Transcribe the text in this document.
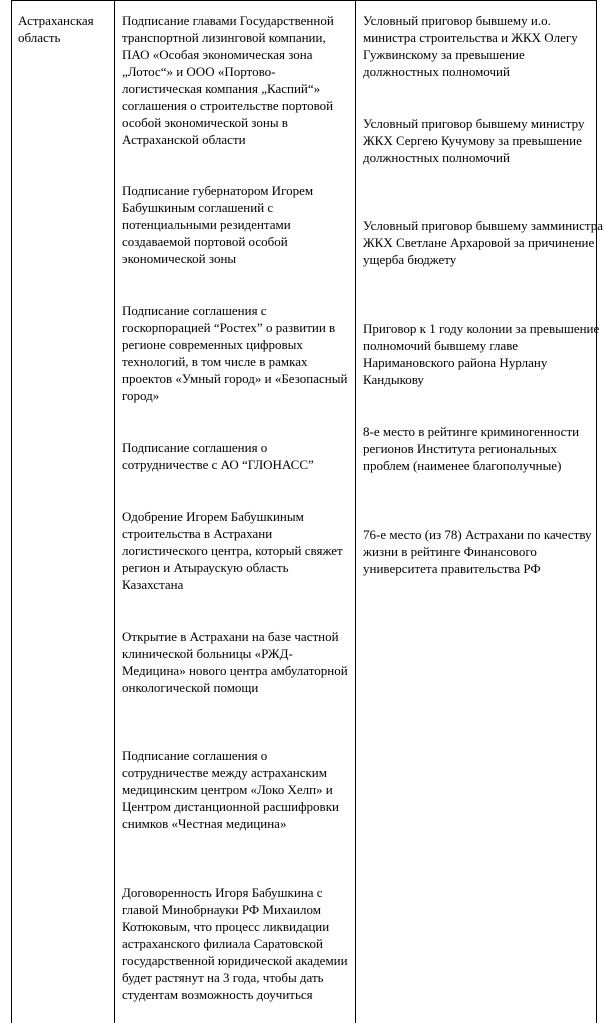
Астраханская область

Подписание главами Государственной транспортной лизинговой компании, ПАО «Особая экономическая зона „Лотос“» и ООО «Портово-логистическая компания „Каспий“» соглашения о строительстве портовой особой экономической зоны в Астраханской области

Подписание губернатором Игорем Бабушкиным соглашений с потенциальными резидентами создаваемой портовой особой экономической зоны

Подписание соглашения с госкорпорацией “Ростех” о развитии в регионе современных цифровых технологий, в том числе в рамках проектов «Умный город» и «Безопасный город»

Подписание соглашения о сотрудничестве с АО “ГЛОНАСС”

Одобрение Игорем Бабушкиным строительства в Астрахани логистического центра, который свяжет регион и Атыраускую область Казахстана

Открытие в Астрахани на базе частной клинической больницы «РЖД-Медицина» нового центра амбулаторной онкологической помощи

Подписание соглашения о сотрудничестве между астраханским медицинским центром «Локо Хелп» и Центром дистанционной расшифровки снимков «Честная медицина»

Договоренность Игоря Бабушкина с главой Минобрнауки РФ Михаилом Котюковым, что процесс ликвидации астраханского филиала Саратовской государственной юридической академии будет растянут на 3 года, чтобы дать студентам возможность доучиться

Условный приговор бывшему и.о. министра строительства и ЖКХ Олегу Гужвинскому за превышение должностных полномочий

Условный приговор бывшему министру ЖКХ Сергею Кучумову за превышение должностных полномочий

Условный приговор бывшему замминистра ЖКХ Светлане Архаровой за причинение ущерба бюджету

Приговор к 1 году колонии за превышение полномочий бывшему главе Наримановского района Нурлану Кандыкову

8-е место в рейтинге криминогенности регионов Института региональных проблем (наименее благополучные)

76-е место (из 78) Астрахани по качеству жизни в рейтинге Финансового университета правительства РФ
